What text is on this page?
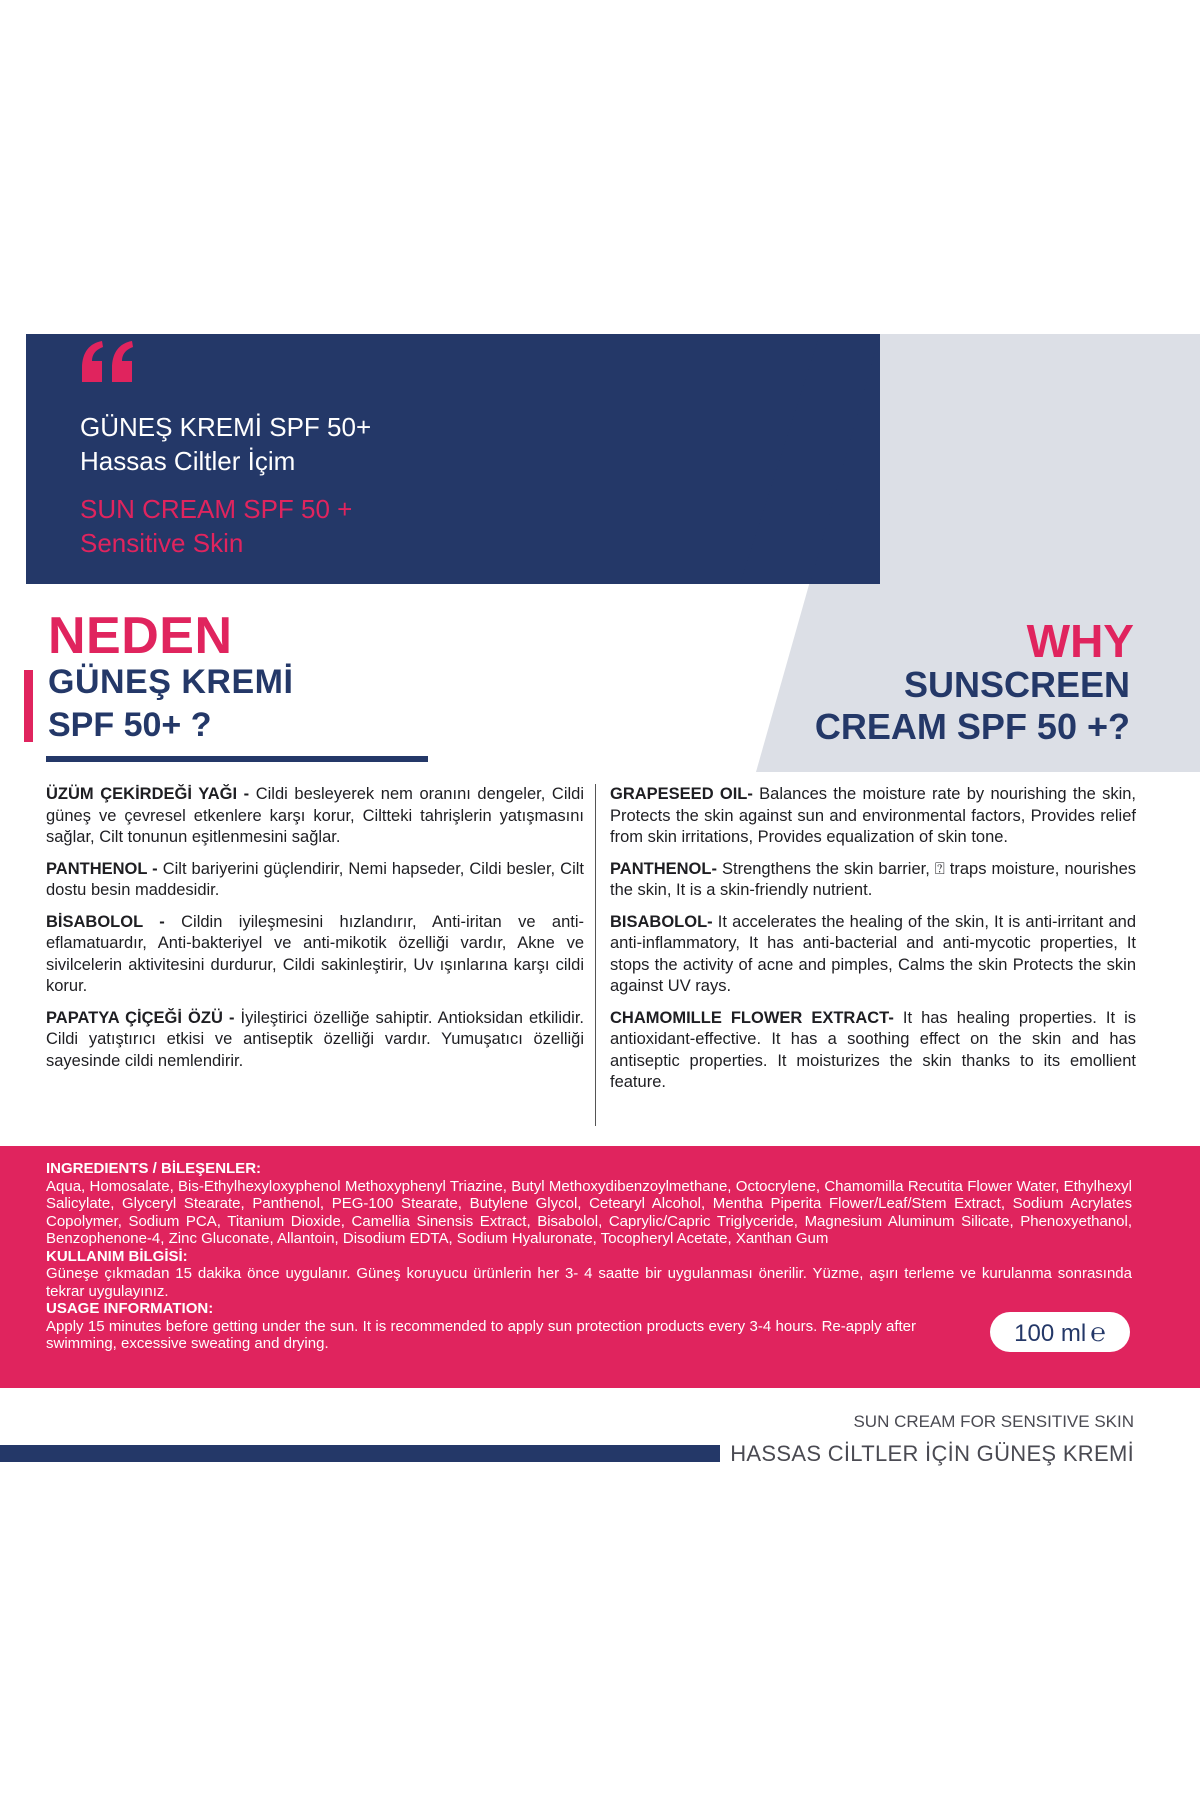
GÜNEŞ KREMİ SPF 50+
Hassas Ciltler İçim
SUN CREAM SPF 50 +
Sensitive Skin
NEDEN
GÜNEŞ KREMİ
SPF 50+ ?
WHY
SUNSCREEN
CREAM SPF 50 +?

ÜZÜM ÇEKİRDEĞİ YAĞI - Cildi besleyerek nem oranını dengeler, Cildi güneş ve çevresel etkenlere karşı korur, Ciltteki tahrişlerin yatışmasını sağlar, Cilt tonunun eşitlenmesini sağlar.

PANTHENOL - Cilt bariyerini güçlendirir, Nemi hapseder, Cildi besler, Cilt dostu besin maddesidir.

BİSABOLOL - Cildin iyileşmesini hızlandırır, Anti-iritan ve anti-eflamatuardır, Anti-bakteriyel ve anti-mikotik özelliği vardır, Akne ve sivilcelerin aktivitesini durdurur, Cildi sakinleştirir, Uv ışınlarına karşı cildi korur.

PAPATYA ÇİÇEĞİ ÖZÜ - İyileştirici özelliğe sahiptir. Antioksidan etkilidir. Cildi yatıştırıcı etkisi ve antiseptik özelliği vardır. Yumuşatıcı özelliği sayesinde cildi nemlendirir.

GRAPESEED OIL- Balances the moisture rate by nourishing the skin, Protects the skin against sun and environmental factors, Provides relief from skin irritations, Provides equalization of skin tone.

PANTHENOL- Strengthens the skin barrier, ⍰ traps moisture, nourishes the skin, It is a skin-friendly nutrient.

BISABOLOL- It accelerates the healing of the skin, It is anti-irritant and anti-inflammatory, It has anti-bacterial and anti-mycotic properties, It stops the activity of acne and pimples, Calms the skin Protects the skin against UV rays.

CHAMOMILLE FLOWER EXTRACT- It has healing properties. It is antioxidant-effective. It has a soothing effect on the skin and has antiseptic properties. It moisturizes the skin thanks to its emollient feature.

INGREDIENTS / BİLEŞENLER:
Aqua, Homosalate, Bis-Ethylhexyloxyphenol Methoxyphenyl Triazine, Butyl Methoxydibenzoylmethane, Octocrylene, Chamomilla Recutita Flower Water, Ethylhexyl Salicylate, Glyceryl Stearate, Panthenol, PEG-100 Stearate, Butylene Glycol, Cetearyl Alcohol, Mentha Piperita Flower/Leaf/Stem Extract, Sodium Acrylates Copolymer, Sodium PCA, Titanium Dioxide, Camellia Sinensis Extract, Bisabolol, Caprylic/Capric Triglyceride, Magnesium Aluminum Silicate, Phenoxyethanol, Benzophenone-4, Zinc Gluconate, Allantoin, Disodium EDTA, Sodium Hyaluronate, Tocopheryl Acetate, Xanthan Gum
KULLANIM BİLGİSİ:
Güneşe çıkmadan 15 dakika önce uygulanır. Güneş koruyucu ürünlerin her 3- 4 saatte bir uygulanması önerilir. Yüzme, aşırı terleme ve kurulanma sonrasında tekrar uygulayınız.
USAGE INFORMATION:
Apply 15 minutes before getting under the sun. It is recommended to apply sun protection products every 3-4 hours. Re-apply after swimming, excessive sweating and drying.	100 ml ℮
SUN CREAM FOR SENSITIVE SKIN
HASSAS CİLTLER İÇİN GÜNEŞ KREMİ
